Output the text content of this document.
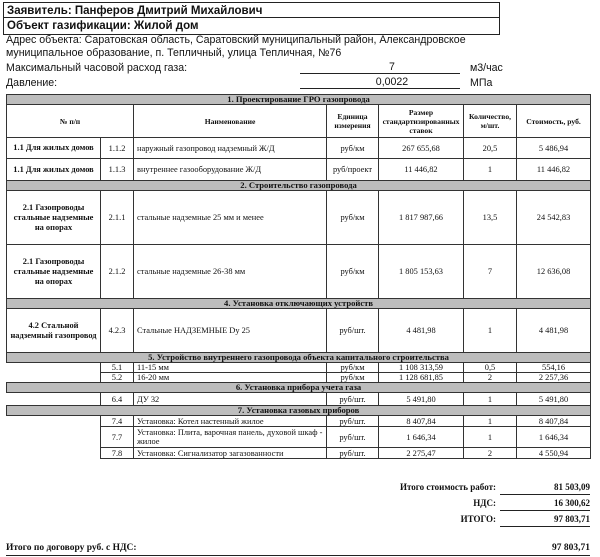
Заявитель: Панферов Дмитрий Михайлович
Объект газификации: Жилой дом
Адрес объекта: Саратовская область, Саратовский муниципальный район, Александровское муниципальное образование, п. Тепличный, улица Тепличная, №76
Максимальный часовой расход газа:	7	м3/час
Давление:	0,0022	МПа
1. Проектирование ГРО газопровода						
№ п/п		Наименование	Единица измерения	Размер стандартизированных ставок	Количество, м/шт.	Стоимость, руб.
1.1 Для жилых домов	1.1.2	наружный газопровод надземный Ж/Д	руб/км	267 655,68	20,5	5 486,94
1.1 Для жилых домов	1.1.3	внутреннее газооборудование Ж/Д	руб/проект	11 446,82	1	11 446,82
2. Строительство газопровода						
2.1 Газопроводы стальные надземные на опорах	2.1.1	стальные надземные 25 мм и менее	руб/км	1 817 987,66	13,5	24 542,83
2.1 Газопроводы стальные надземные на опорах	2.1.2	стальные надземные 26-38 мм	руб/км	1 805 153,63	7	12 636,08
4. Установка отключающих устройств						
4.2 Стальной надземный газопровод	4.2.3	Стальные НАДЗЕМНЫЕ Dy 25	руб/шт.	4 481,98	1	4 481,98
5. Устройство внутреннего газопровода объекта капитального строительства						
	5.1	11-15 мм	руб/км	1 108 313,59	0,5	554,16
	5.2	16-20 мм	руб/км	1 128 681,85	2	2 257,36
6. Установка прибора учета газа						
	6.4	ДУ 32	руб/шт.	5 491,80	1	5 491,80
7. Установка газовых приборов						
	7.4	Установка: Котел настенный жилое	руб/шт.	8 407,84	1	8 407,84
	7.7	Установка: Плита, варочная панель, духовой шкаф - жилое	руб/шт.	1 646,34	1	1 646,34
	7.8	Установка: Сигнализатор загазованности	руб/шт.	2 275,47	2	4 550,94
Итого стоимость работ:	81 503,09
НДС:	16 300,62
ИТОГО:	97 803,71
Итого по договору руб. с НДС:	97 803,71
